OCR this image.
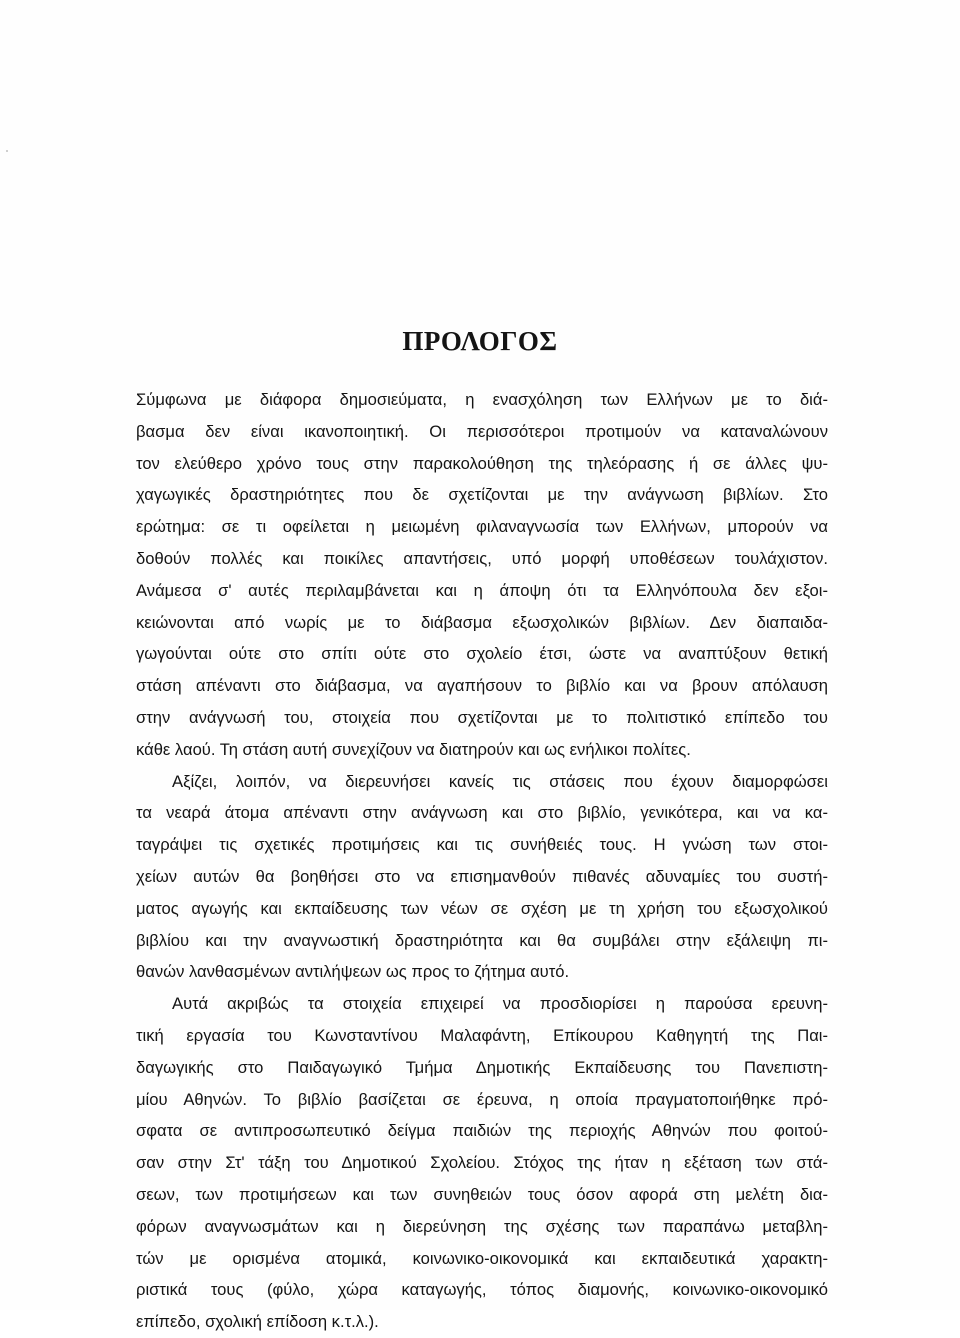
ΠΡΟΛΟΓΟΣ
Σύμφωνα με διάφορα δημοσιεύματα, η ενασχόληση των Ελλήνων με το διά-
βασμα δεν είναι ικανοποιητική. Οι περισσότεροι προτιμούν να καταναλώνουν
τον ελεύθερο χρόνο τους στην παρακολούθηση της τηλεόρασης ή σε άλλες ψυ-
χαγωγικές δραστηριότητες που δε σχετίζονται με την ανάγνωση βιβλίων. Στο
ερώτημα: σε τι οφείλεται η μειωμένη φιλαναγνωσία των Ελλήνων, μπορούν να
δοθούν πολλές και ποικίλες απαντήσεις, υπό μορφή υποθέσεων τουλάχιστον.
Ανάμεσα σ' αυτές περιλαμβάνεται και η άποψη ότι τα Ελληνόπουλα δεν εξοι-
κειώνονται από νωρίς με το διάβασμα εξωσχολικών βιβλίων. Δεν διαπαιδα-
γωγούνται ούτε στο σπίτι ούτε στο σχολείο έτσι, ώστε να αναπτύξουν θετική
στάση απέναντι στο διάβασμα, να αγαπήσουν το βιβλίο και να βρουν απόλαυση
στην ανάγνωσή του, στοιχεία που σχετίζονται με το πολιτιστικό επίπεδο του
κάθε λαού. Τη στάση αυτή συνεχίζουν να διατηρούν και ως ενήλικοι πολίτες.
Αξίζει, λοιπόν, να διερευνήσει κανείς τις στάσεις που έχουν διαμορφώσει
τα νεαρά άτομα απέναντι στην ανάγνωση και στο βιβλίο, γενικότερα, και να κα-
ταγράψει τις σχετικές προτιμήσεις και τις συνήθειές τους. Η γνώση των στοι-
χείων αυτών θα βοηθήσει στο να επισημανθούν πιθανές αδυναμίες του συστή-
ματος αγωγής και εκπαίδευσης των νέων σε σχέση με τη χρήση του εξωσχολικού
βιβλίου και την αναγνωστική δραστηριότητα και θα συμβάλει στην εξάλειψη πι-
θανών λανθασμένων αντιλήψεων ως προς το ζήτημα αυτό.
Αυτά ακριβώς τα στοιχεία επιχειρεί να προσδιορίσει η παρούσα ερευνη-
τική εργασία του Κωνσταντίνου Μαλαφάντη, Επίκουρου Καθηγητή της Παι-
δαγωγικής στο Παιδαγωγικό Τμήμα Δημοτικής Εκπαίδευσης του Πανεπιστη-
μίου Αθηνών. Το βιβλίο βασίζεται σε έρευνα, η οποία πραγματοποιήθηκε πρό-
σφατα σε αντιπροσωπευτικό δείγμα παιδιών της περιοχής Αθηνών που φοιτού-
σαν στην Στ' τάξη του Δημοτικού Σχολείου. Στόχος της ήταν η εξέταση των στά-
σεων, των προτιμήσεων και των συνηθειών τους όσον αφορά στη μελέτη δια-
φόρων αναγνωσμάτων και η διερεύνηση της σχέσης των παραπάνω μεταβλη-
τών με ορισμένα ατομικά, κοινωνικο-οικονομικά και εκπαιδευτικά χαρακτη-
ριστικά τους (φύλο, χώρα καταγωγής, τόπος διαμονής, κοινωνικο-οικονομικό
επίπεδο, σχολική επίδοση κ.τ.λ.).
